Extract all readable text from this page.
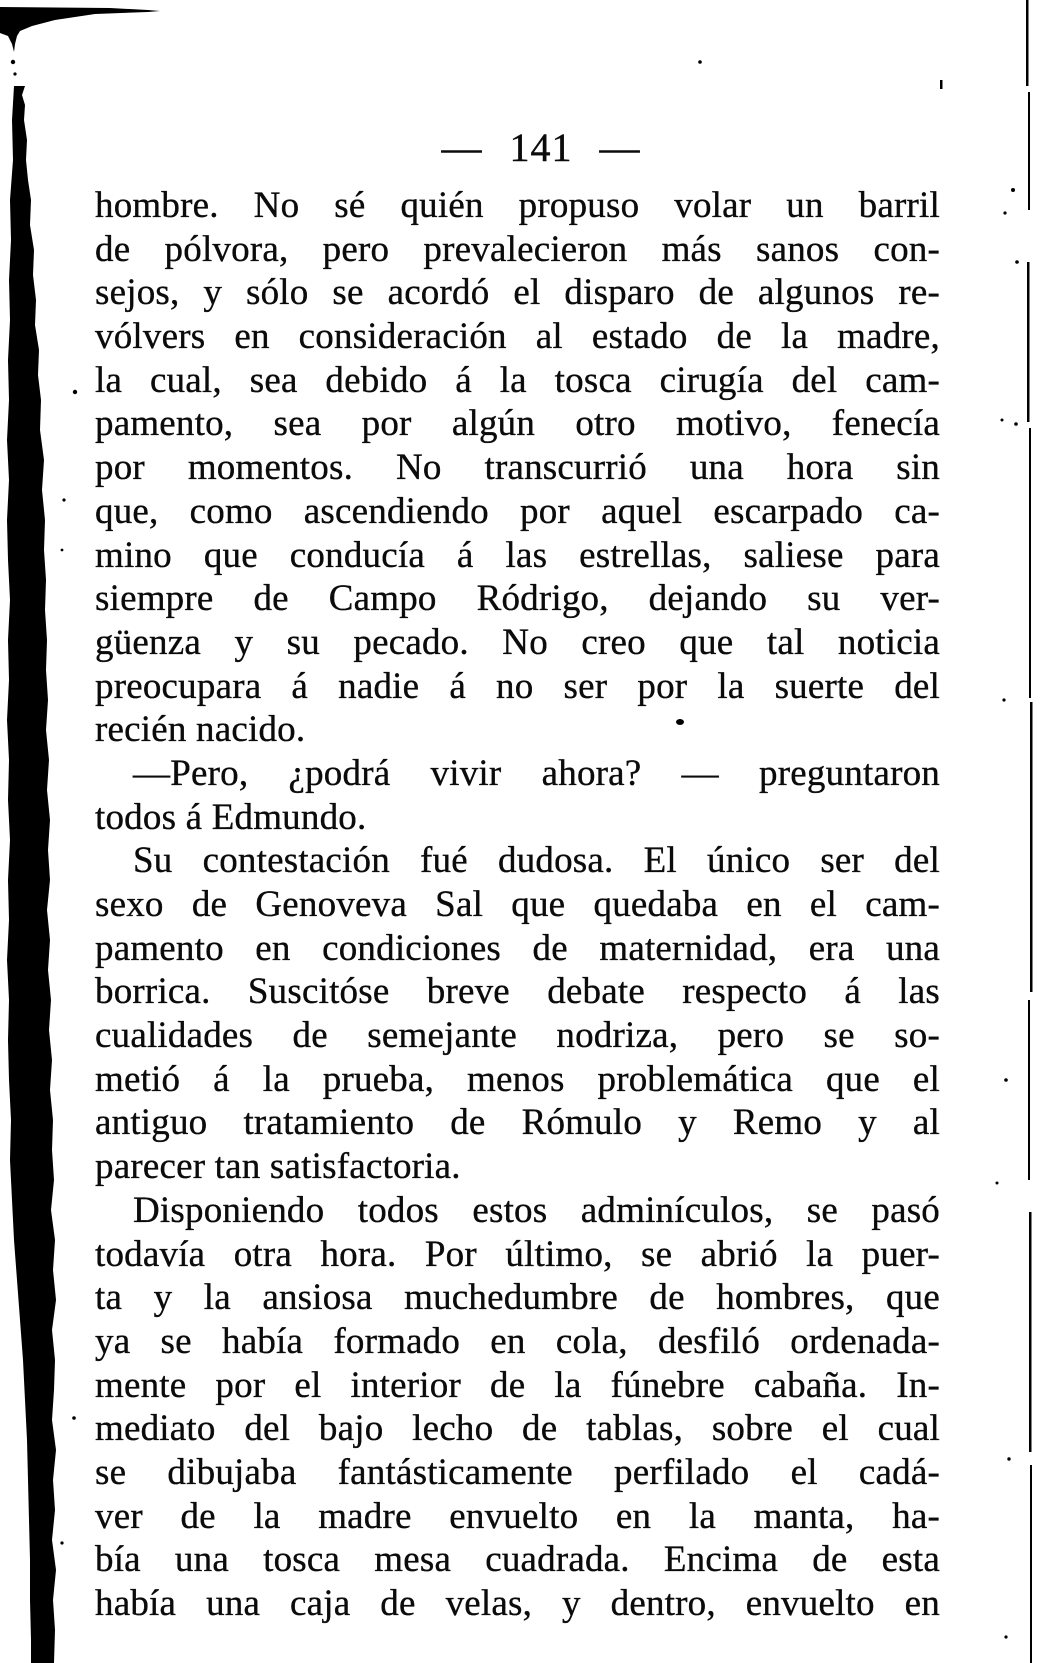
— 141 —
hombre. No sé quién propuso volar un barril
de pólvora, pero prevalecieron más sanos con-
sejos, y sólo se acordó el disparo de algunos re-
vólvers en consideración al estado de la madre,
la cual, sea debido á la tosca cirugía del cam-
pamento, sea por algún otro motivo, fenecía
por momentos. No transcurrió una hora sin
que, como ascendiendo por aquel escarpado ca-
mino que conducía á las estrellas, saliese para
siempre de Campo Ródrigo, dejando su ver-
güenza y su pecado. No creo que tal noticia
preocupara á nadie á no ser por la suerte del
recién nacido.
—Pero, ¿podrá vivir ahora? — preguntaron
todos á Edmundo.
Su contestación fué dudosa. El único ser del
sexo de Genoveva Sal que quedaba en el cam-
pamento en condiciones de maternidad, era una
borrica. Suscitóse breve debate respecto á las
cualidades de semejante nodriza, pero se so-
metió á la prueba, menos problemática que el
antiguo tratamiento de Rómulo y Remo y al
parecer tan satisfactoria.
Disponiendo todos estos adminículos, se pasó
todavía otra hora. Por último, se abrió la puer-
ta y la ansiosa muchedumbre de hombres, que
ya se había formado en cola, desfiló ordenada-
mente por el interior de la fúnebre cabaña. In-
mediato del bajo lecho de tablas, sobre el cual
se dibujaba fantásticamente perfilado el cadá-
ver de la madre envuelto en la manta, ha-
bía una tosca mesa cuadrada. Encima de esta
había una caja de velas, y dentro, envuelto en
